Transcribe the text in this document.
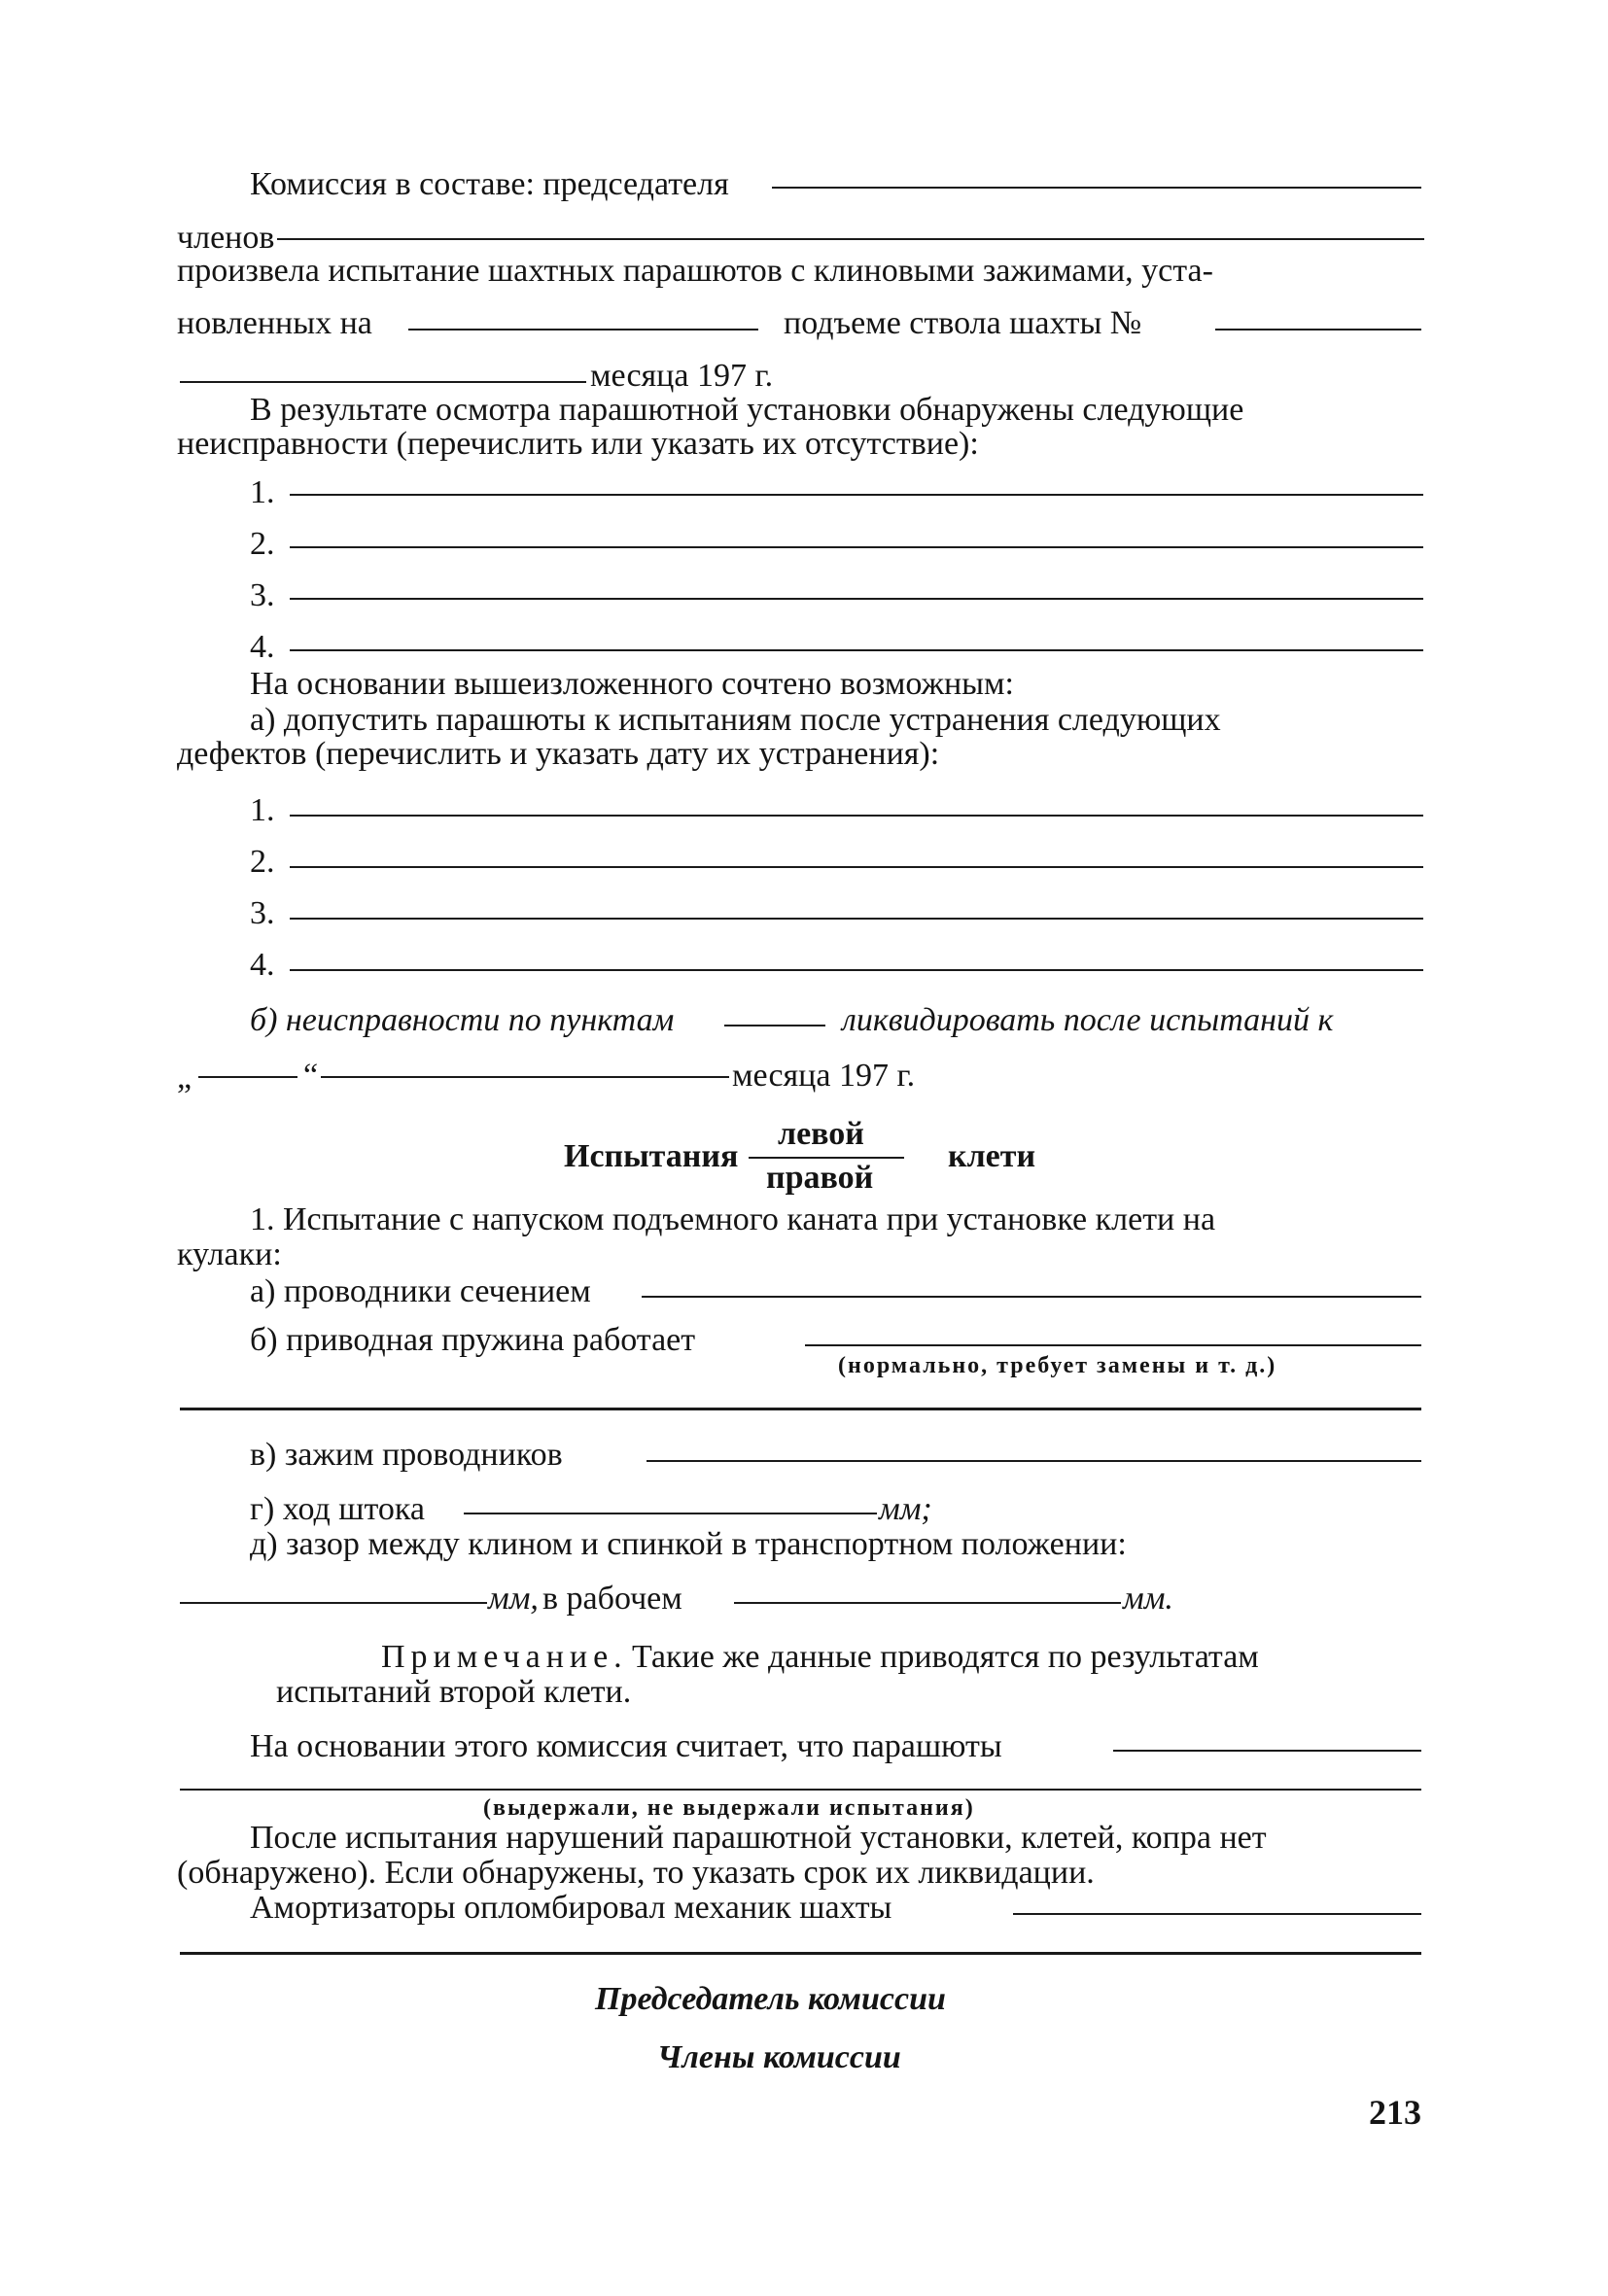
Комиссия в составе: председателя
членов
произвела испытание шахтных парашютов с клиновыми зажимами, уста-
новленных на	подъеме ствола шахты №
месяца 197 г.
В результате осмотра парашютной установки обнаружены следующие
неисправности (перечислить или указать их отсутствие):
1.
2.
3.
4.
На основании вышеизложенного сочтено возможным:
а) допустить парашюты к испытаниям после устранения следующих
дефектов (перечислить и указать дату их устранения):
1.
2.
3.
4.
б) неисправности по пунктам	ликвидировать после испытаний к
„	“	месяца 197 г.
Испытания
левой
правой
клети
1. Испытание с напуском подъемного каната при установке клети на
кулаки:
а) проводники сечением
б) приводная пружина работает
(нормально, требует замены и т. д.)
в) зажим проводников
г) ход штока	мм;
д) зазор между клином и спинкой в транспортном положении:
мм, в рабочем	мм.
Примечание. Такие же данные приводятся по результатам
испытаний второй клети.
На основании этого комиссия считает, что парашюты
(выдержали, не выдержали испытания)
После испытания нарушений парашютной установки, клетей, копра нет
(обнаружено). Если обнаружены, то указать срок их ликвидации.
Амортизаторы опломбировал механик шахты
Председатель комиссии
Члены комиссии
213
